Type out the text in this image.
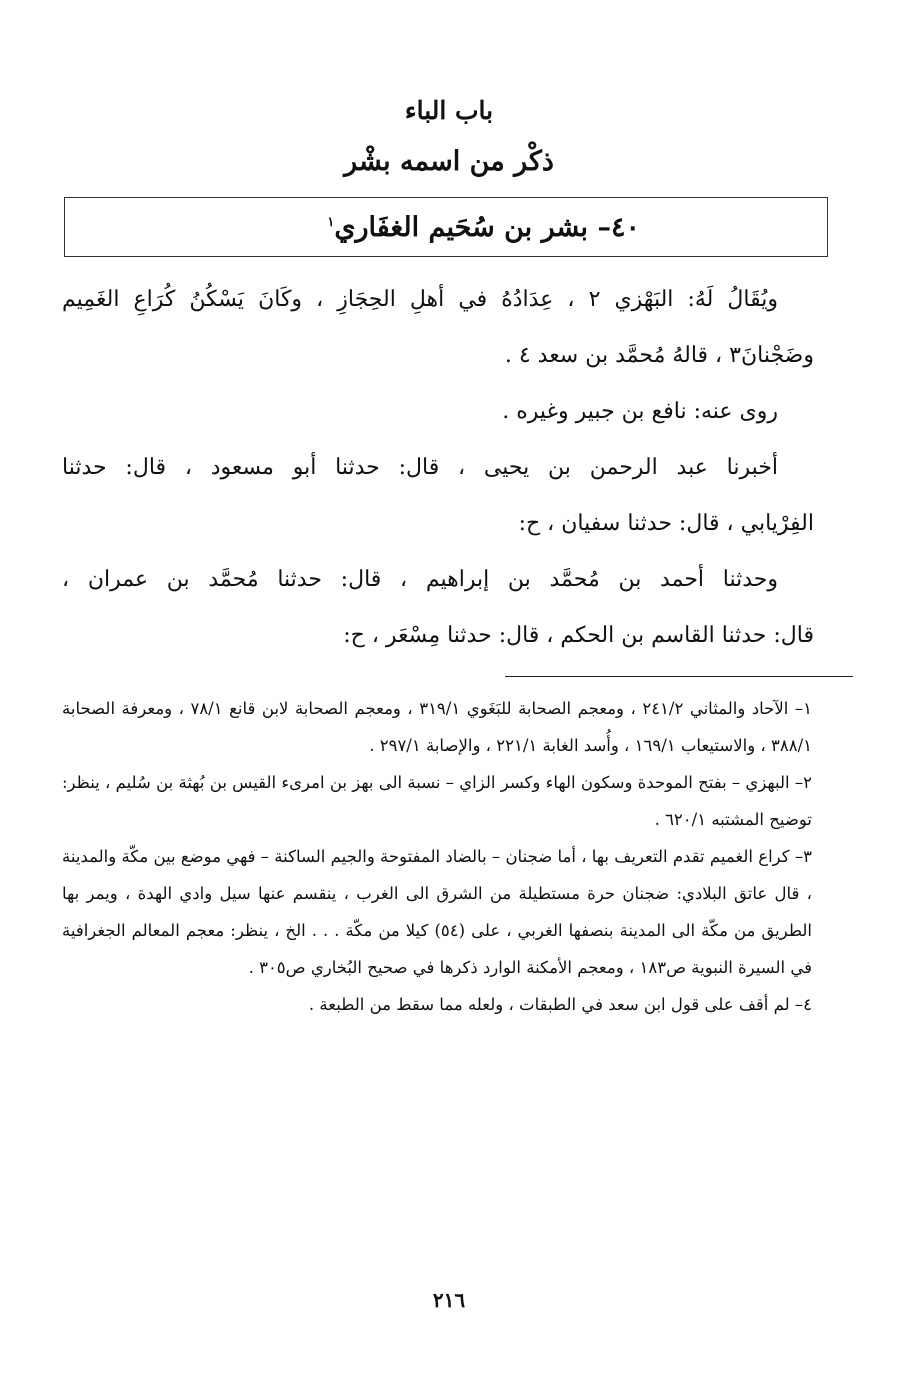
باب الباء
ذكْر من اسمه بشْر
٤٠– بشر بن سُحَيم الغفَاري$^١$

ويُقَالُ لَهُ: البَهْزي ٢ ، عِدَادُهُ في أهلِ الحِجَازِ ، وكَانَ يَسْكُنُ كُرَاعِ الغَمِيم

وضَجْنانَ٣ ، قالهُ مُحمَّد بن سعد ٤ .

روى عنه: نافع بن جبير وغيره .

أخبرنا عبد الرحمن بن يحيى ، قال: حدثنا أبو مسعود ، قال: حدثنا

الفِرْيابي ، قال: حدثنا سفيان ، ح:

وحدثنا أحمد بن مُحمَّد بن إبراهيم ، قال: حدثنا مُحمَّد بن عمران ،

قال: حدثنا القاسم بن الحكم ، قال: حدثنا مِسْعَر ، ح:

١– الآحاد والمثاني ٢٤١/٢ ، ومعجم الصحابة للبَغَوي ٣١٩/١ ، ومعجم الصحابة لابن قانع ٧٨/١ ، ومعرفة الصحابة ٣٨٨/١ ، والاستيعاب ١٦٩/١ ، وأُسد الغابة ٢٢١/١ ، والإصابة ٢٩٧/١ .

٢– البهزي – بفتح الموحدة وسكون الهاء وكسر الزاي – نسبة الى بهز بن امرىء القيس بن بُهثة بن سُليم ، ينظر: توضيح المشتبه ٦٢٠/١ .

٣– كراع الغميم تقدم التعريف بها ، أما ضجنان – بالضاد المفتوحة والجيم الساكنة – فهي موضع بين مكّة والمدينة ، قال عاتق البلادي: ضجنان حرة مستطيلة من الشرق الى الغرب ، ينقسم عنها سيل وادي الهدة ، ويمر بها الطريق من مكّة الى المدينة بنصفها الغربي ، على (٥٤) كيلا من مكّة . . . الخ ، ينظر: معجم المعالم الجغرافية في السيرة النبوية ص١٨٣ ، ومعجم الأمكنة الوارد ذكرها في صحيح البُخاري ص٣٠٥ .

٤– لم أقف على قول ابن سعد في الطبقات ، ولعله مما سقط من الطبعة .

٢١٦
